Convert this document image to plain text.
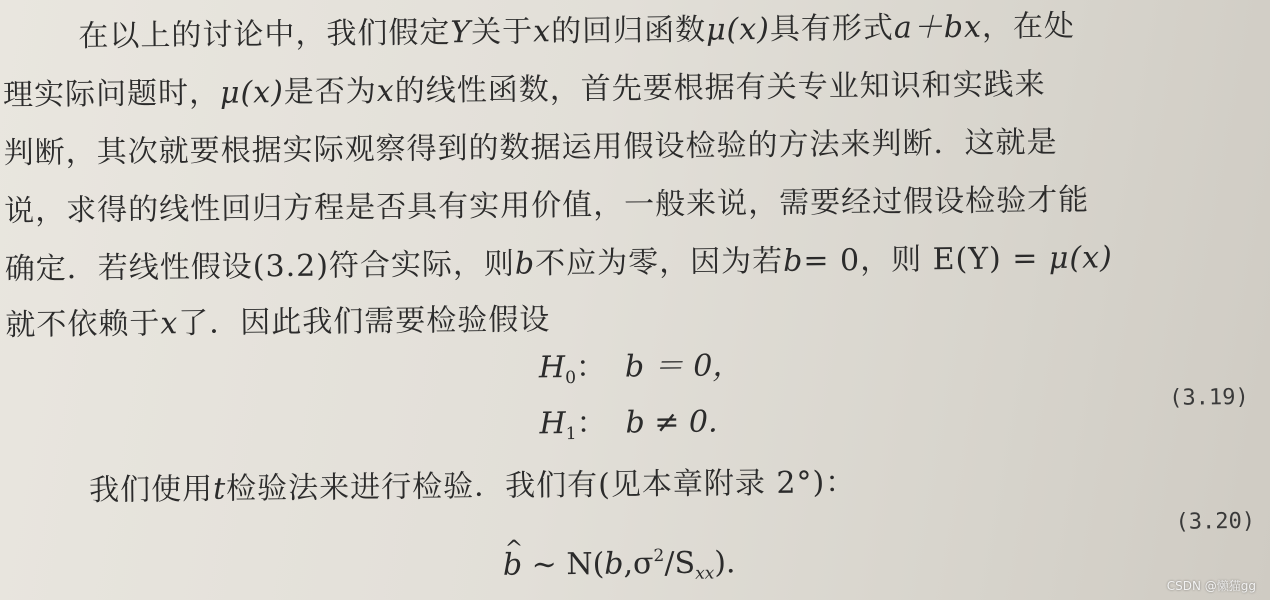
在以上的讨论中，我们假定Y关于x的回归函数μ(x)具有形式a＋bx，在处
理实际问题时，μ(x)是否为x的线性函数，首先要根据有关专业知识和实践来
判断，其次就要根据实际观察得到的数据运用假设检验的方法来判断．这就是
说，求得的线性回归方程是否具有实用价值，一般来说，需要经过假设检验才能
确定．若线性假设(3.2)符合实际，则b不应为零，因为若b= 0，则 E(Y) = μ(x)
就不依赖于x了．因此我们需要检验假设
$H_0$： b ＝ 0，
$H_1$： b ≠ 0.
(3.19)
我们使用t检验法来进行检验．我们有(见本章附录 2°)：
^ b ~ $N(b,\sigma^2/S_{xx})$.
(3.20)
CSDN @懒猫gg
